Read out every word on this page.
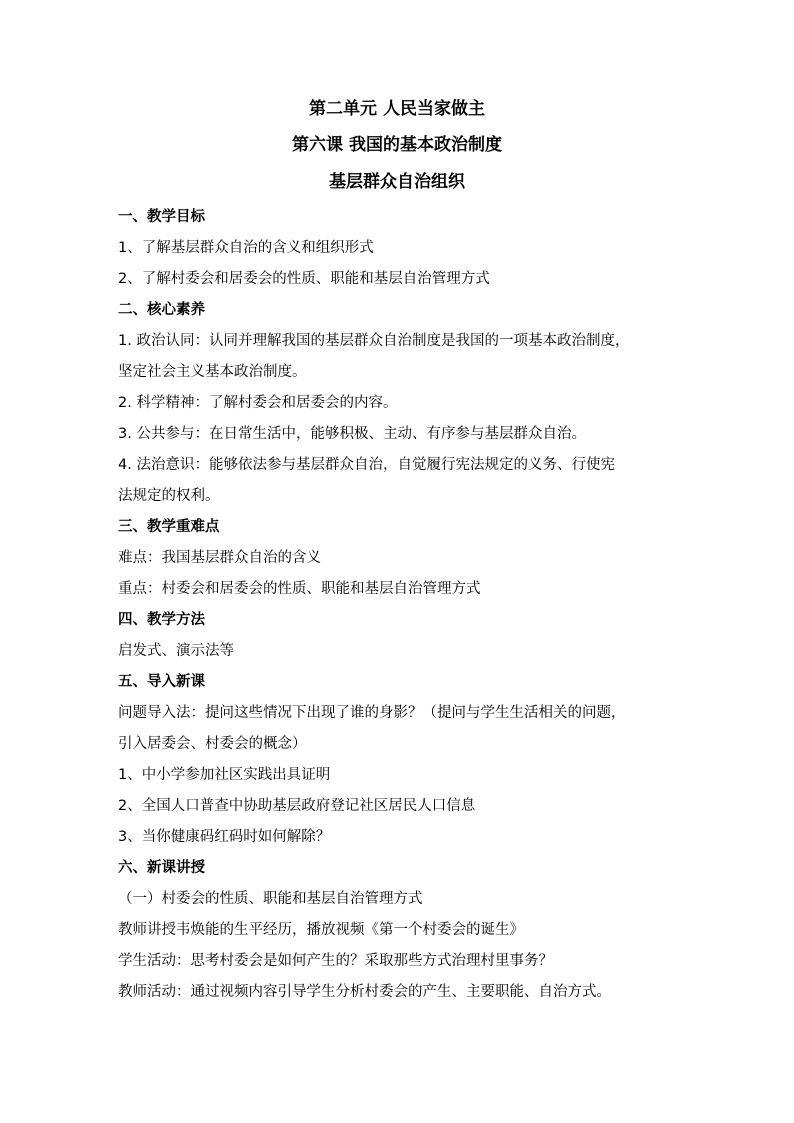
第二单元 人民当家做主
第六课 我国的基本政治制度
基层群众自治组织
一、教学目标
1、了解基层群众自治的含义和组织形式
2、了解村委会和居委会的性质、职能和基层自治管理方式
二、核心素养
1. 政治认同：认同并理解我国的基层群众自治制度是我国的一项基本政治制度，
坚定社会主义基本政治制度。
2. 科学精神：了解村委会和居委会的内容。
3. 公共参与：在日常生活中，能够积极、主动、有序参与基层群众自治。
4. 法治意识：能够依法参与基层群众自治，自觉履行宪法规定的义务、行使宪
法规定的权利。
三、教学重难点
难点：我国基层群众自治的含义
重点：村委会和居委会的性质、职能和基层自治管理方式
四、教学方法
启发式、演示法等
五、导入新课
问题导入法：提问这些情况下出现了谁的身影？（提问与学生生活相关的问题，
引入居委会、村委会的概念）
1、中小学参加社区实践出具证明
2、全国人口普查中协助基层政府登记社区居民人口信息
3、当你健康码红码时如何解除？
六、新课讲授
（一）村委会的性质、职能和基层自治管理方式
教师讲授韦焕能的生平经历，播放视频《第一个村委会的诞生》
学生活动：思考村委会是如何产生的？采取那些方式治理村里事务？
教师活动：通过视频内容引导学生分析村委会的产生、主要职能、自治方式。
